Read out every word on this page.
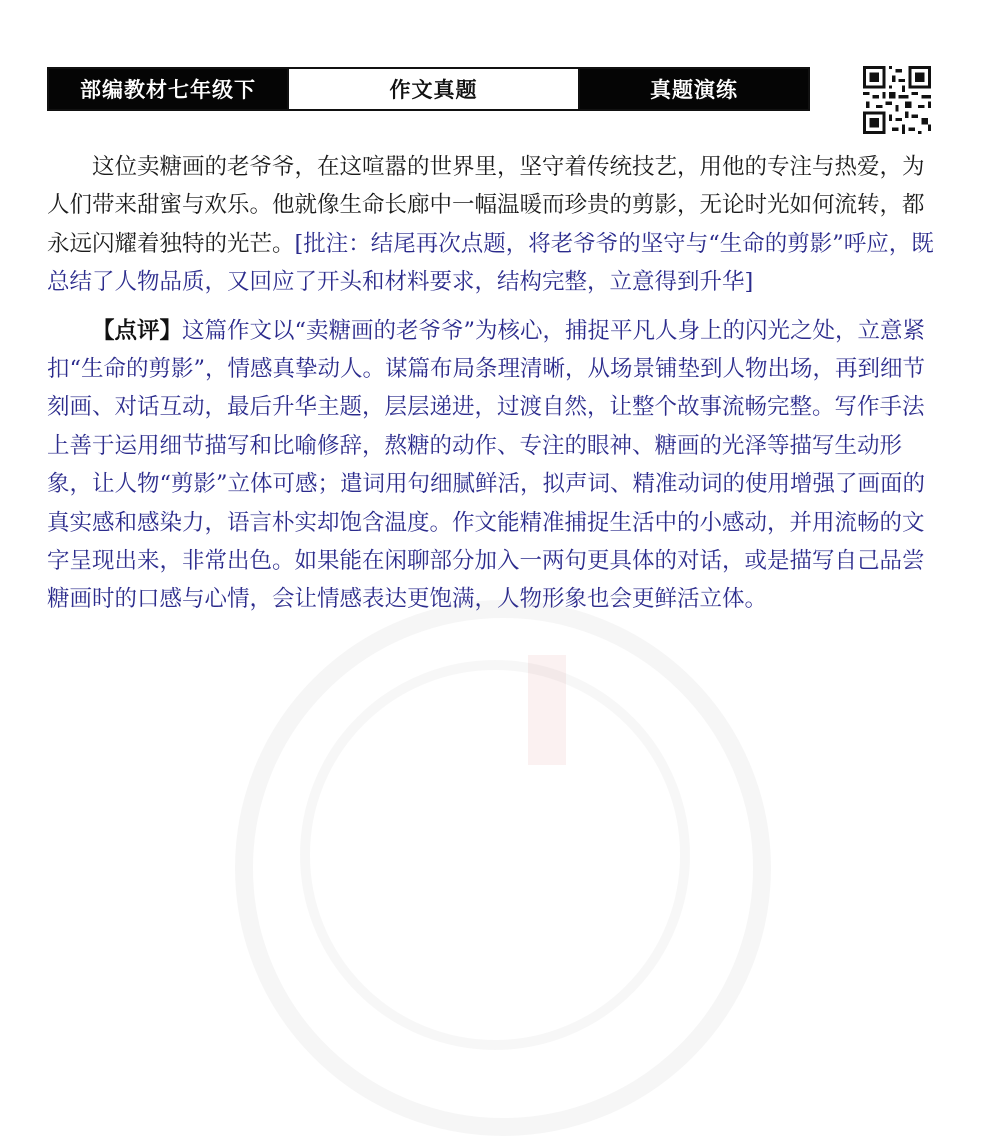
部编教材七年级下	作文真题	真题演练

这位卖糖画的老爷爷，在这喧嚣的世界里，坚守着传统技艺，用他的专注与热爱，为人们带来甜蜜与欢乐。他就像生命长廊中一幅温暖而珍贵的剪影，无论时光如何流转，都永远闪耀着独特的光芒。[批注：结尾再次点题，将老爷爷的坚守与“生命的剪影”呼应，既总结了人物品质，又回应了开头和材料要求，结构完整，立意得到升华]

【点评】这篇作文以“卖糖画的老爷爷”为核心，捕捉平凡人身上的闪光之处，立意紧扣“生命的剪影”，情感真挚动人。谋篇布局条理清晰，从场景铺垫到人物出场，再到细节刻画、对话互动，最后升华主题，层层递进，过渡自然，让整个故事流畅完整。写作手法上善于运用细节描写和比喻修辞，熬糖的动作、专注的眼神、糖画的光泽等描写生动形象，让人物“剪影”立体可感；遣词用句细腻鲜活，拟声词、精准动词的使用增强了画面的真实感和感染力，语言朴实却饱含温度。作文能精准捕捉生活中的小感动，并用流畅的文字呈现出来，非常出色。如果能在闲聊部分加入一两句更具体的对话，或是描写自己品尝糖画时的口感与心情，会让情感表达更饱满，人物形象也会更鲜活立体。
